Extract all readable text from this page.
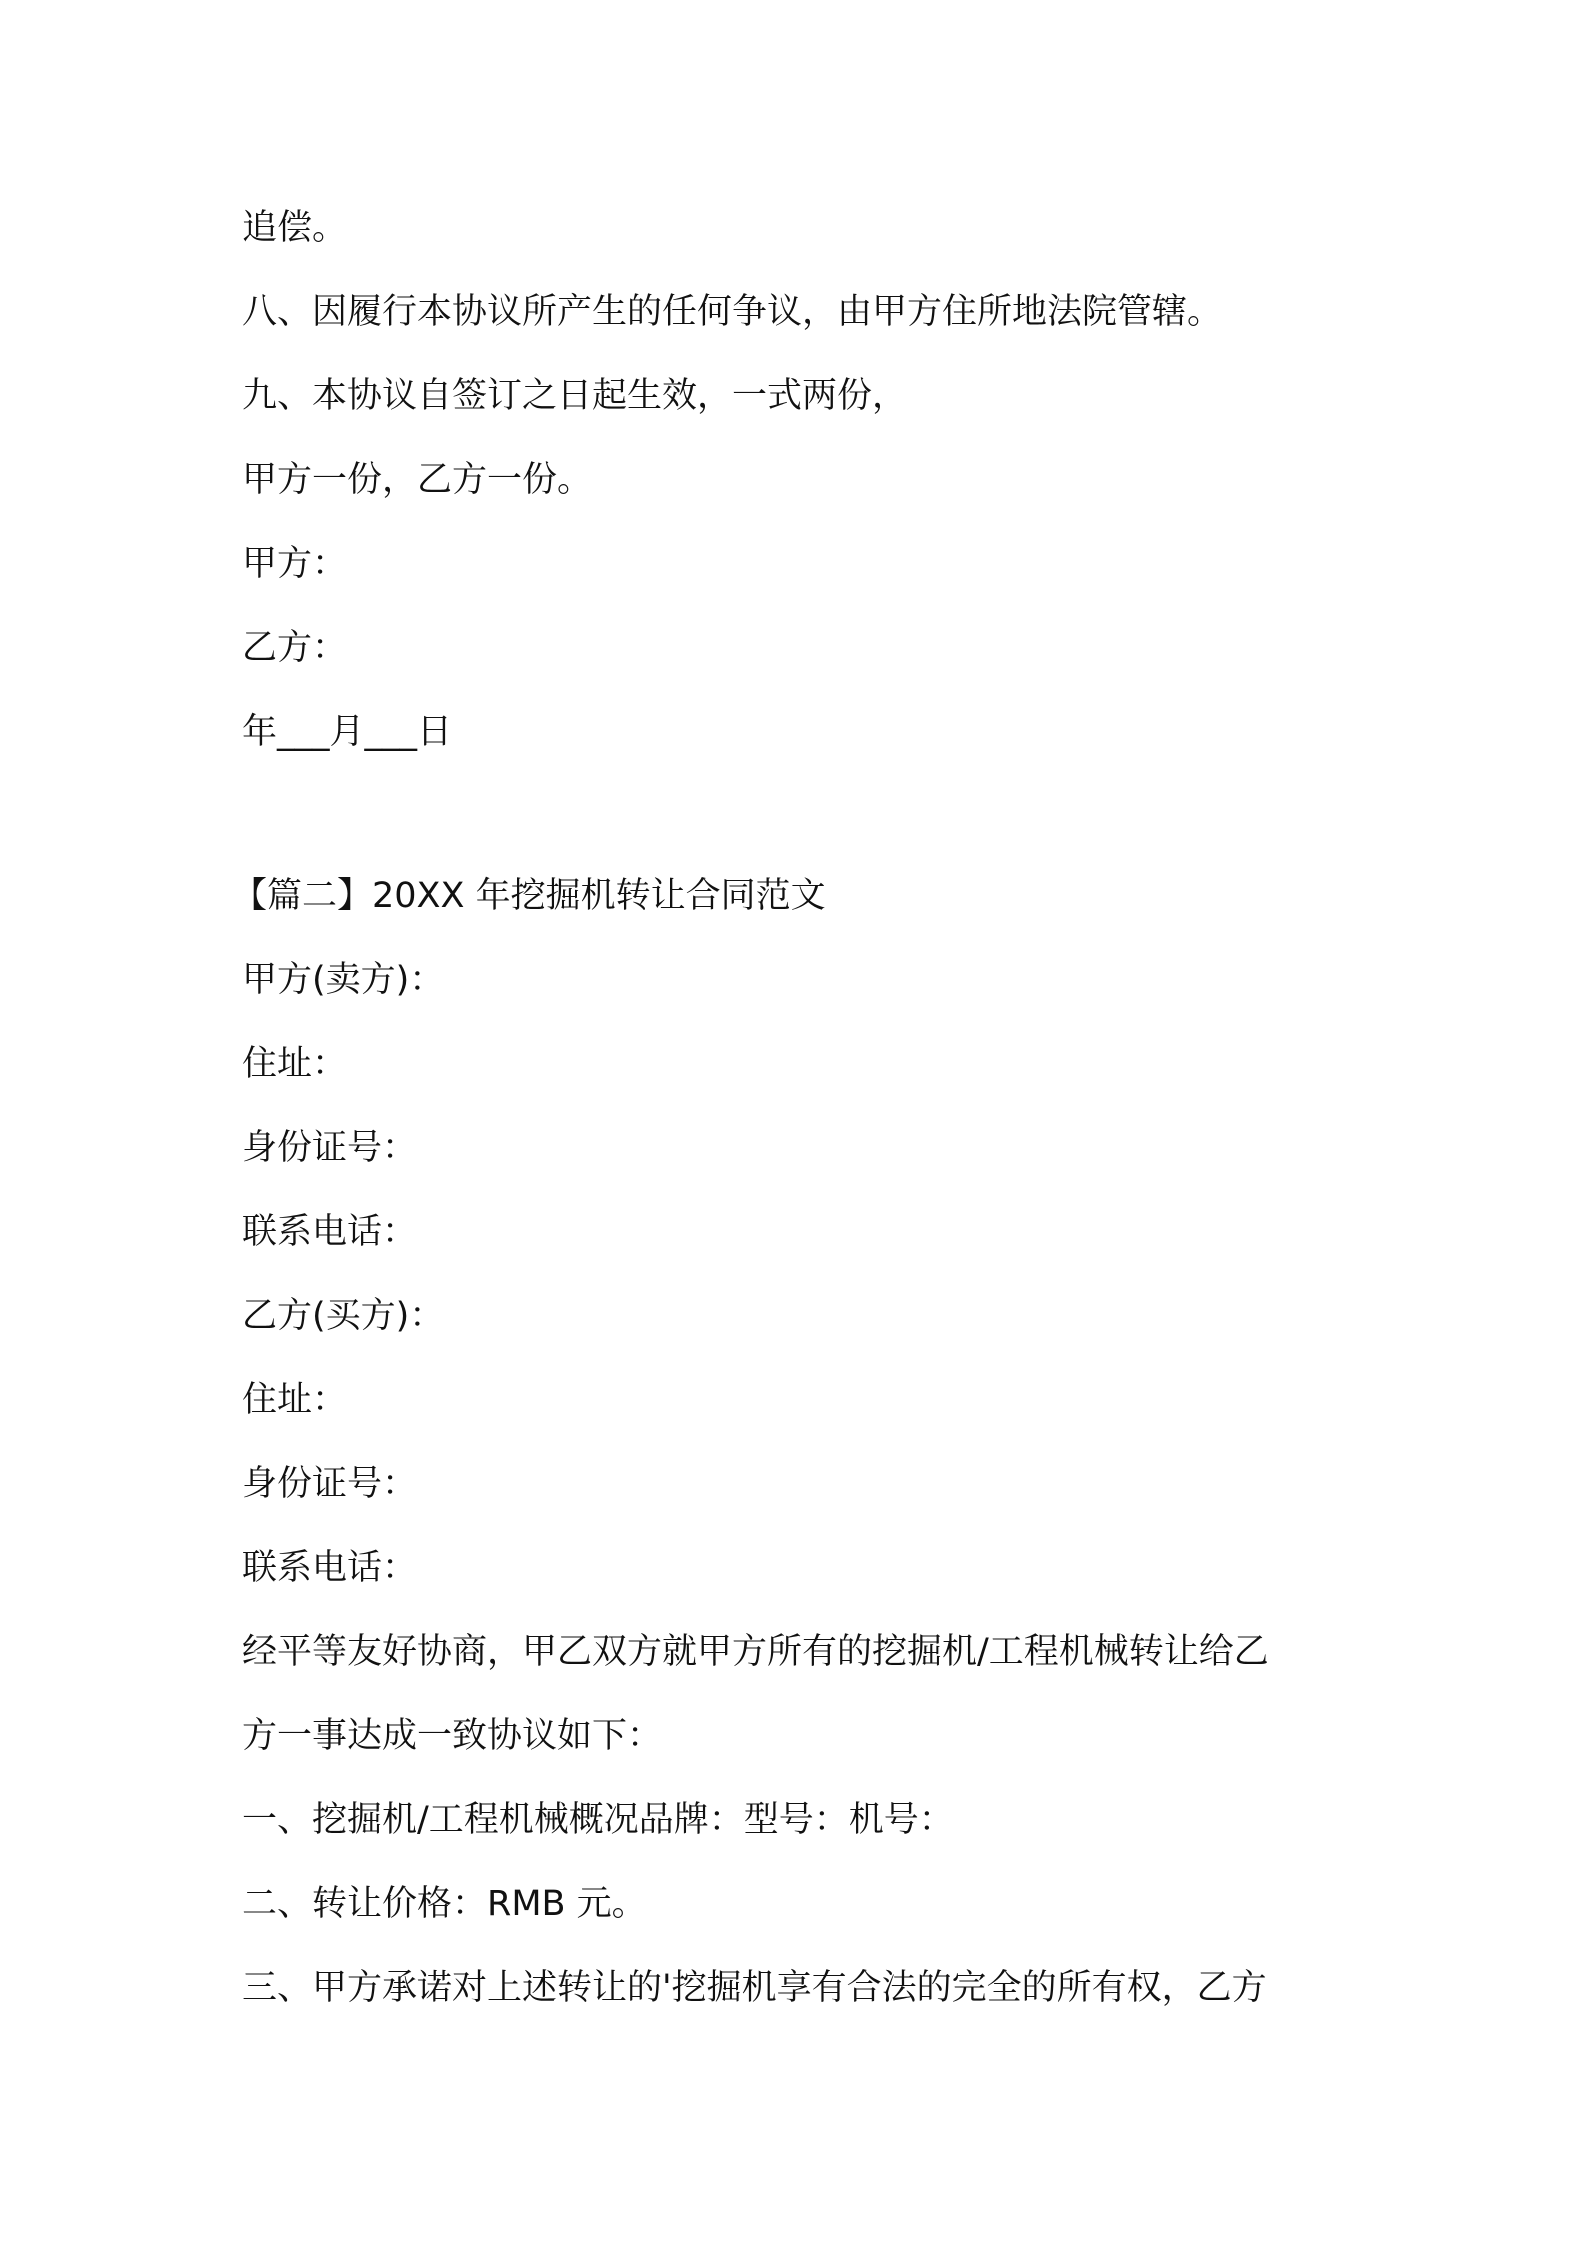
追偿。

八、因履行本协议所产生的任何争议，由甲方住所地法院管辖。

九、本协议自签订之日起生效，一式两份，

甲方一份，乙方一份。

甲方：

乙方：

年___月___日

【篇二】20XX 年挖掘机转让合同范文

甲方(卖方)：

住址：

身份证号：

联系电话：

乙方(买方)：

住址：

身份证号：

联系电话：

经平等友好协商，甲乙双方就甲方所有的挖掘机/工程机械转让给乙

方一事达成一致协议如下：

一、挖掘机/工程机械概况品牌：型号：机号：

二、转让价格：RMB 元。

三、甲方承诺对上述转让的'挖掘机享有合法的完全的所有权，乙方
